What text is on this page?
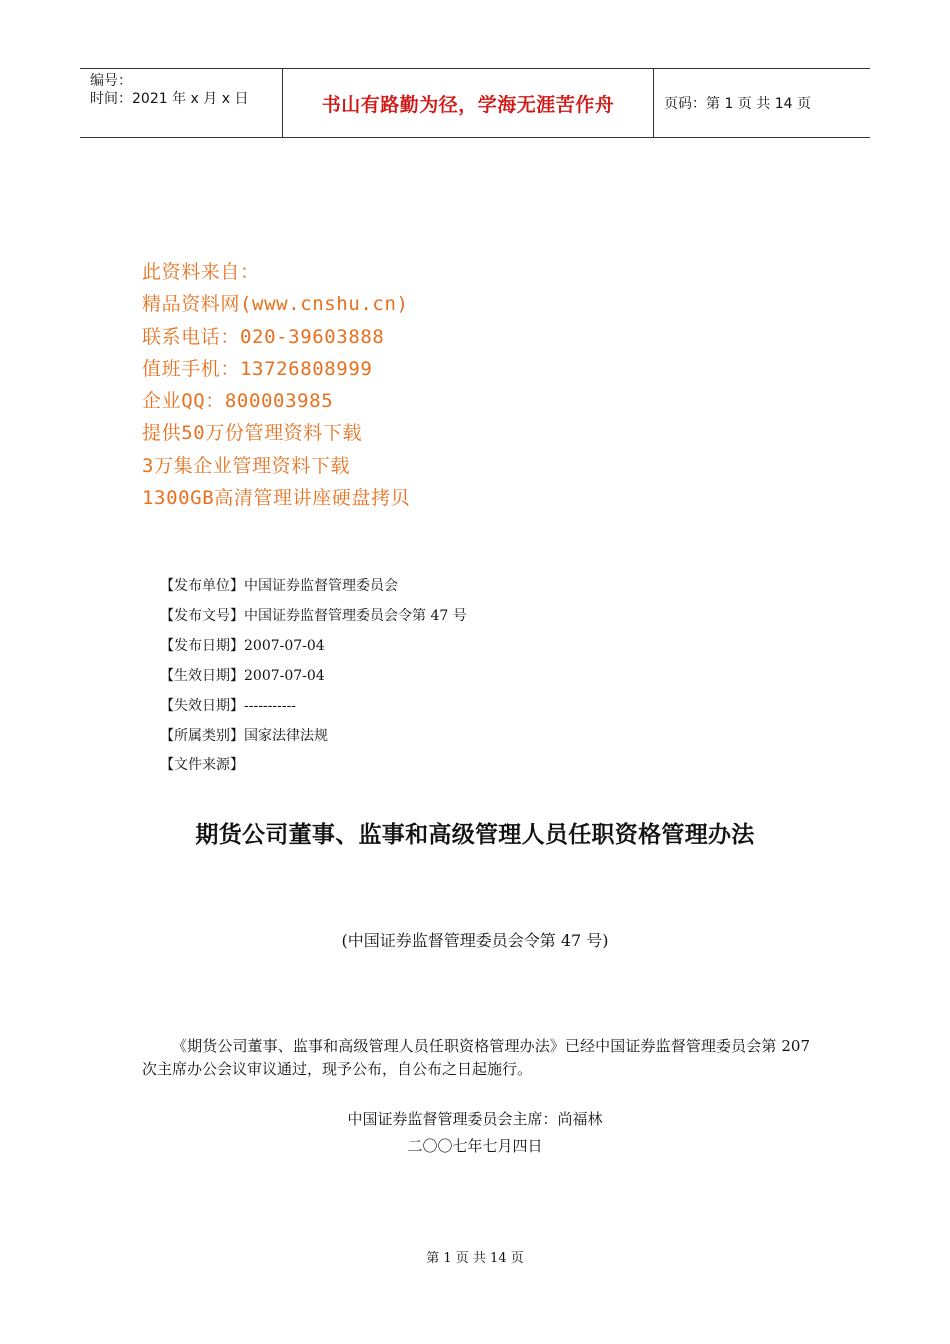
编号：
时间：2021 年 x 月 x 日	书山有路勤为径，学海无涯苦作舟	页码：第 1 页 共 14 页
此资料来自：
精品资料网(www.cnshu.cn)
联系电话：020-39603888
值班手机：13726808999
企业QQ：800003985
提供50万份管理资料下载
3万集企业管理资料下载
1300GB高清管理讲座硬盘拷贝
【发布单位】中国证券监督管理委员会
【发布文号】中国证券监督管理委员会令第 47 号
【发布日期】2007-07-04
【生效日期】2007-07-04
【失效日期】-----------
【所属类别】国家法律法规
【文件来源】
期货公司董事、监事和高级管理人员任职资格管理办法
(中国证券监督管理委员会令第 47 号)
《期货公司董事、监事和高级管理人员任职资格管理办法》已经中国证券监督管理委员会第 207 次主席办公会议审议通过，现予公布，自公布之日起施行。
中国证券监督管理委员会主席：尚福林
二〇〇七年七月四日
第 1 页 共 14 页
